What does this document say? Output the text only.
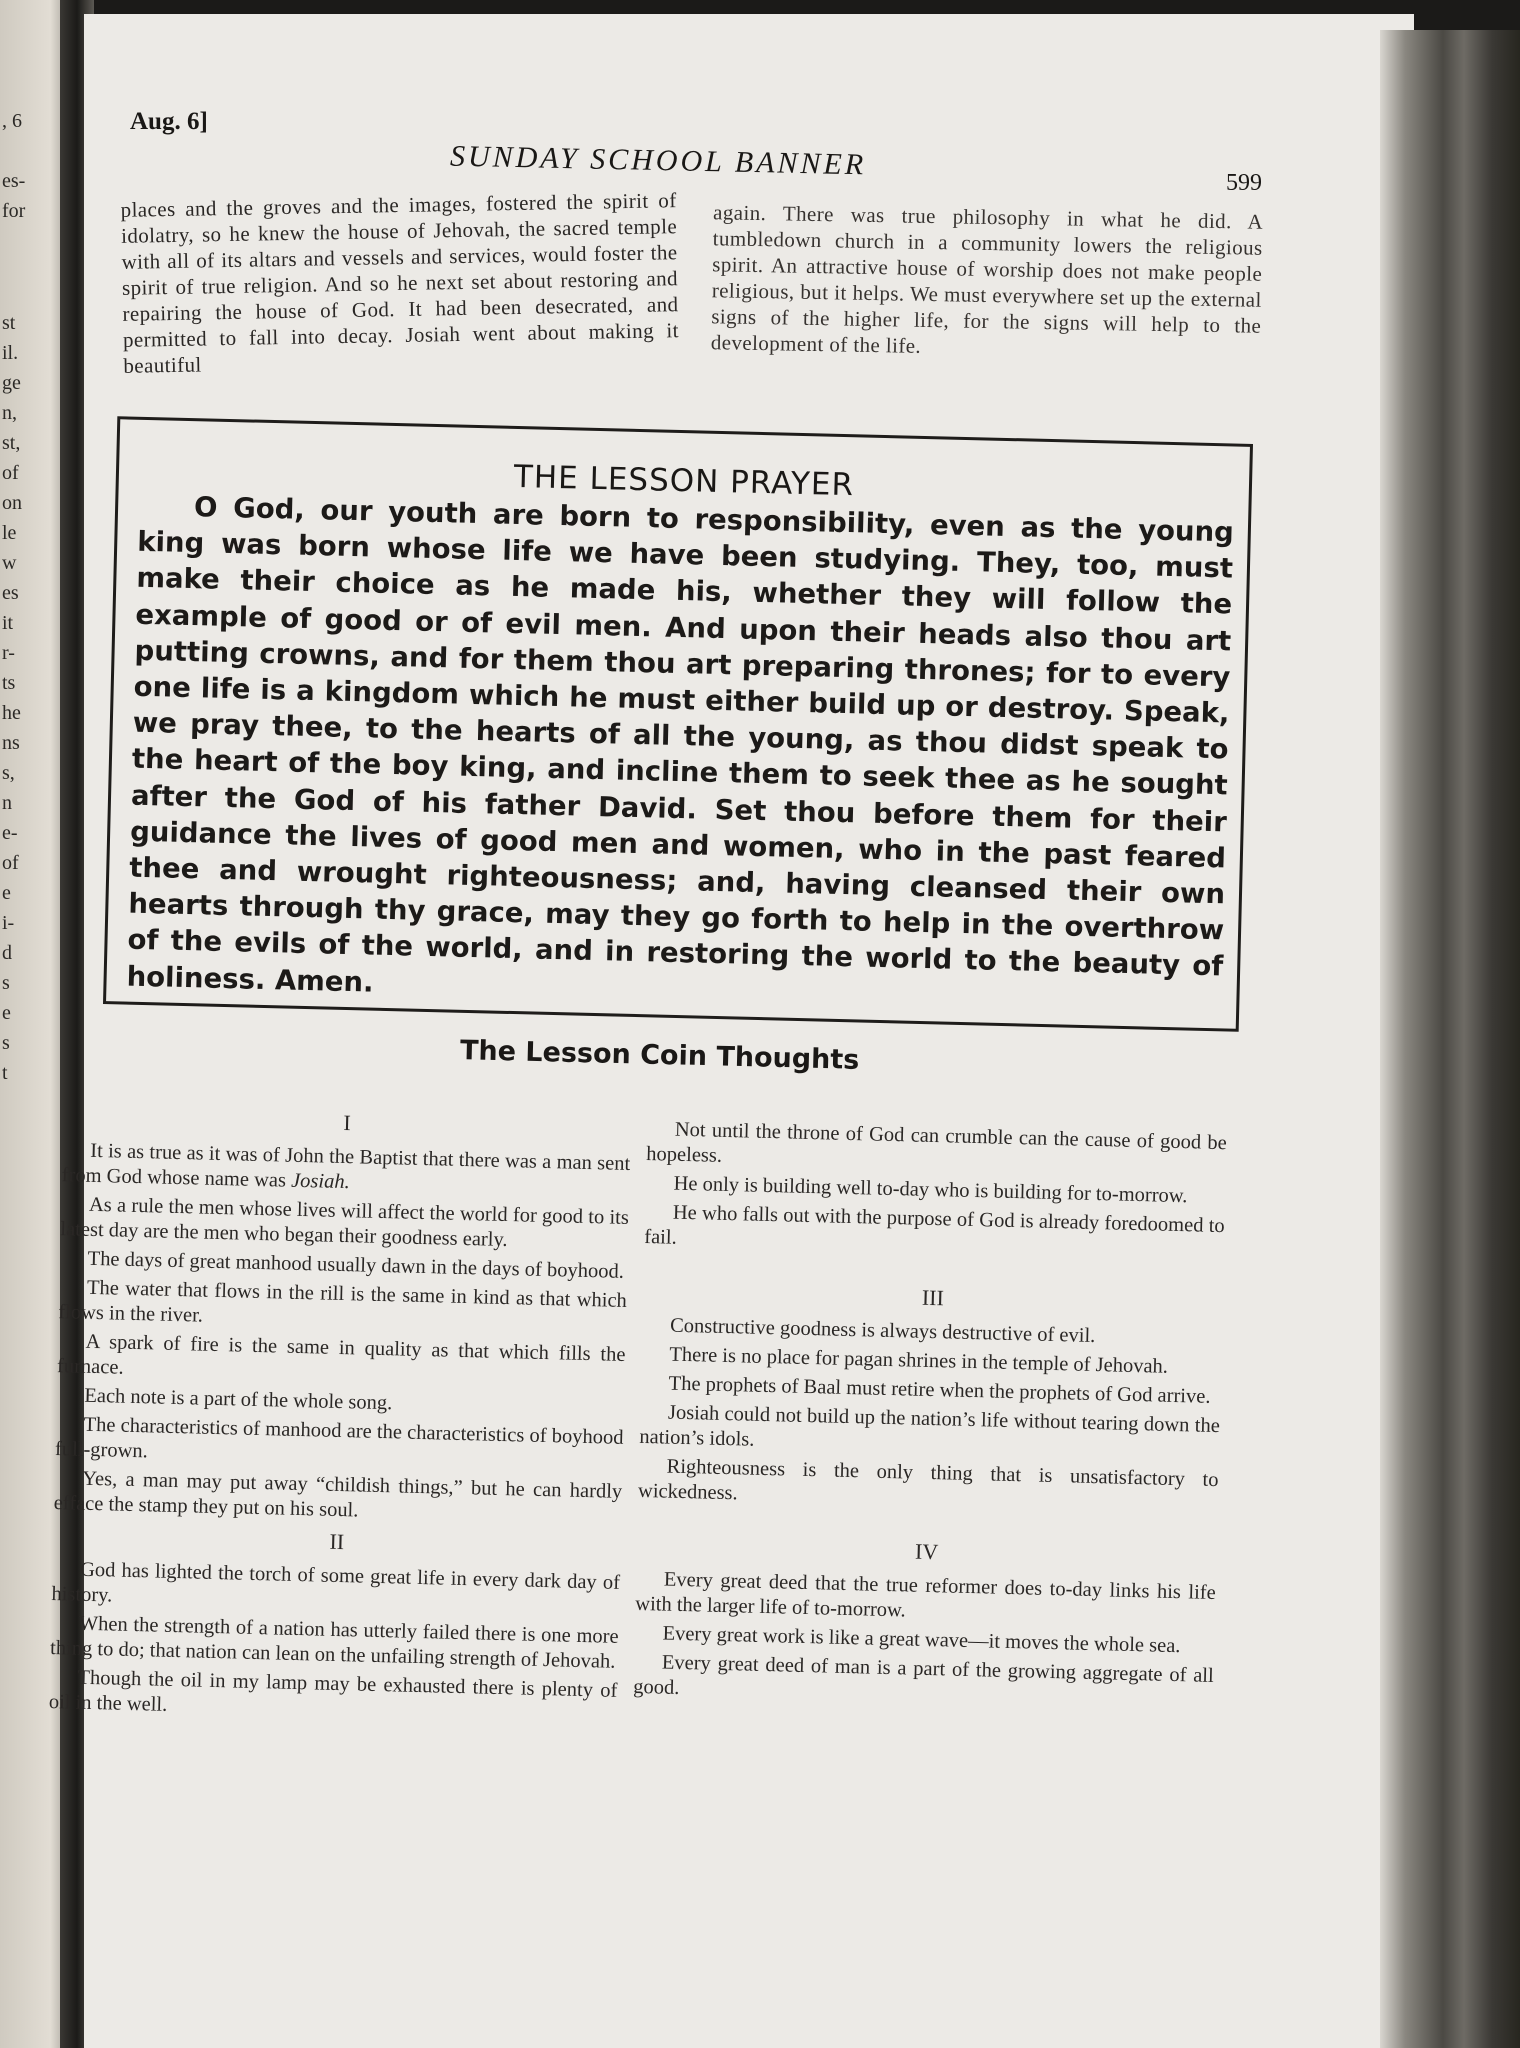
, 6
es-
for
st
il.
ge
n,
st,
of
on
le
w
es
it
r-
ts
he
ns
s,
n
e-
of
e
i-
d
s
e
s
t
Aug. 6]
SUNDAY SCHOOL BANNER
599

places and the groves and the images, fostered the spirit of idolatry, so he knew the house of Jehovah, the sacred temple with all of its altars and vessels and services, would foster the spirit of true religion. And so he next set about restoring and repairing the house of God. It had been desecrated, and permitted to fall into decay. Josiah went about making it beautiful

again. There was true philosophy in what he did. A tumbledown church in a community lowers the religious spirit. An attractive house of worship does not make people religious, but it helps. We must everywhere set up the external signs of the higher life, for the signs will help to the development of the life.

THE LESSON PRAYER
O God, our youth are born to responsibility, even as the young king was born whose life we have been studying. They, too, must make their choice as he made his, whether they will follow the example of good or of evil men. And upon their heads also thou art putting crowns, and for them thou art preparing thrones; for to every one life is a kingdom which he must either build up or destroy. Speak, we pray thee, to the hearts of all the young, as thou didst speak to the heart of the boy king, and incline them to seek thee as he sought after the God of his father David. Set thou before them for their guidance the lives of good men and women, who in the past feared thee and wrought righteousness; and, having cleansed their own hearts through thy grace, may they go forth to help in the overthrow of the evils of the world, and in restoring the world to the beauty of holiness. Amen.
The Lesson Coin Thoughts

I

It is as true as it was of John the Baptist that there was a man sent from God whose name was Josiah.

As a rule the men whose lives will affect the world for good to its latest day are the men who began their goodness early.

The days of great manhood usually dawn in the days of boyhood.

The water that flows in the rill is the same in kind as that which flows in the river.

A spark of fire is the same in quality as that which fills the furnace.

Each note is a part of the whole song.

The characteristics of manhood are the characteristics of boyhood full-grown.

Yes, a man may put away “childish things,” but he can hardly efface the stamp they put on his soul.

II

God has lighted the torch of some great life in every dark day of history.

When the strength of a nation has utterly failed there is one more thing to do; that nation can lean on the unfailing strength of Jehovah.

Though the oil in my lamp may be exhausted there is plenty of oil in the well.

Not until the throne of God can crumble can the cause of good be hopeless.

He only is building well to-day who is building for to-morrow.

He who falls out with the purpose of God is already foredoomed to fail.

III

Constructive goodness is always destructive of evil.

There is no place for pagan shrines in the temple of Jehovah.

The prophets of Baal must retire when the prophets of God arrive.

Josiah could not build up the nation’s life without tearing down the nation’s idols.

Righteousness is the only thing that is unsatisfactory to wickedness.

IV

Every great deed that the true reformer does to-day links his life with the larger life of to-morrow.

Every great work is like a great wave—it moves the whole sea.

Every great deed of man is a part of the growing aggregate of all good.
